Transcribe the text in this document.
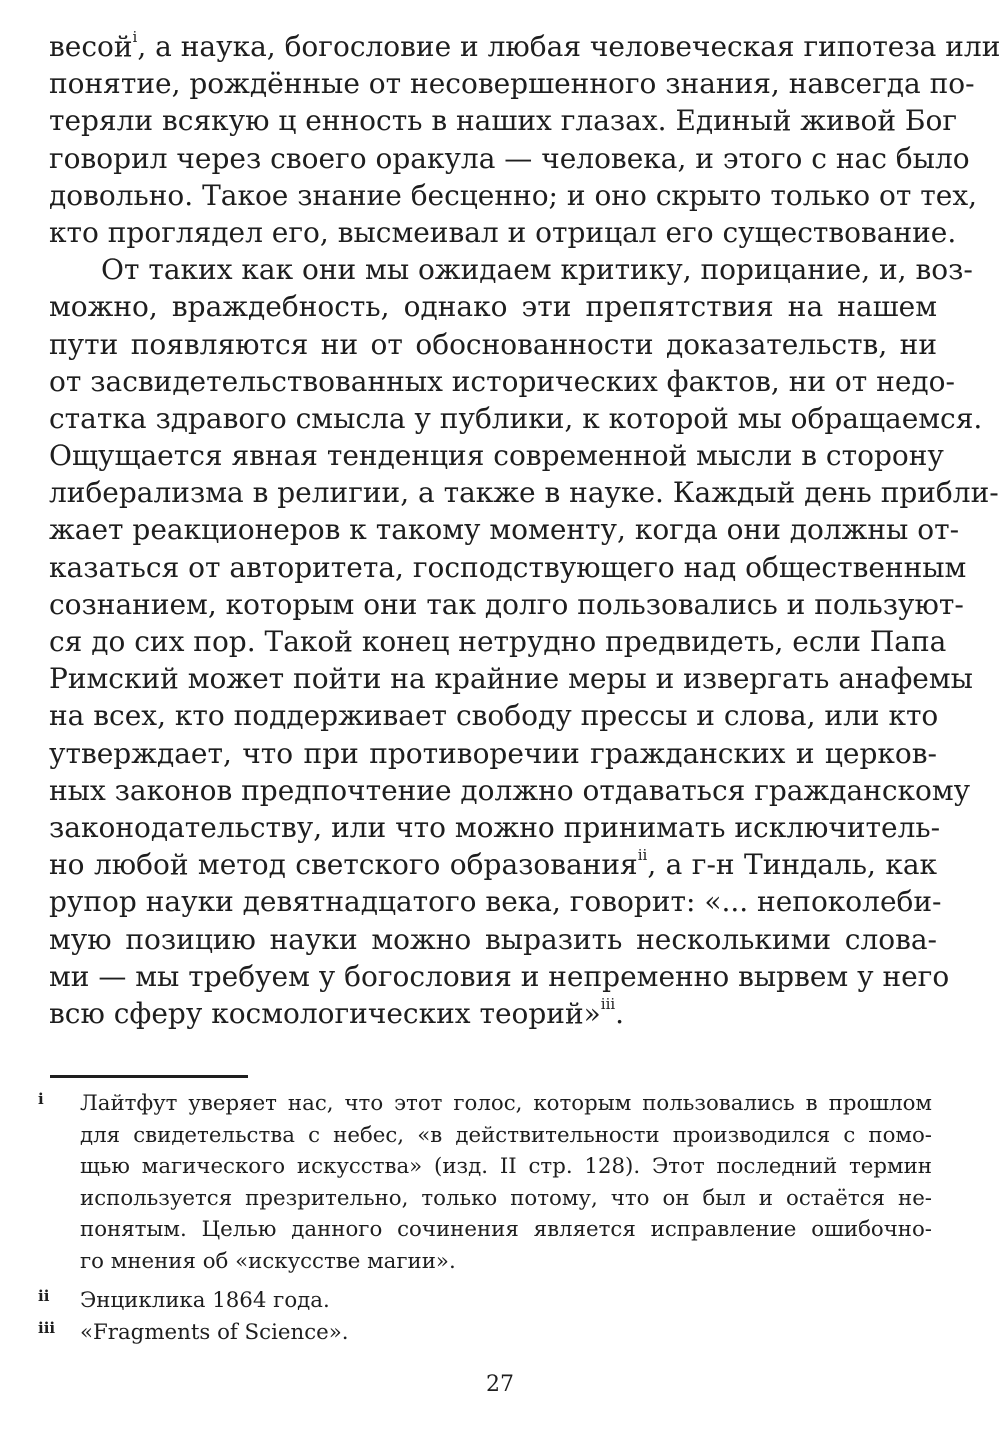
весой$^i$, а наука, богословие и любая человеческая гипотеза или
понятие, рождённые от несовершенного знания, навсегда по-
теряли всякую ц енность в наших глазах. Единый живой Бог
говорил через своего оракула — человека, и этого с нас было
довольно. Такое знание бесценно; и оно скрыто только от тех,
кто проглядел его, высмеивал и отрицал его существование.
От таких как они мы ожидаем критику, порицание, и, воз-
можно, враждебность, однако эти препятствия на нашем
пути появляются ни от обоснованности доказательств, ни
от засвидетельствованных исторических фактов, ни от недо-
статка здравого смысла у публики, к которой мы обращаемся.
Ощущается явная тенденция современной мысли в сторону
либерализма в религии, а также в науке. Каждый день прибли-
жает реакционеров к такому моменту, когда они должны от-
казаться от авторитета, господствующего над общественным
сознанием, которым они так долго пользовались и пользуют-
ся до сих пор. Такой конец нетрудно предвидеть, если Папа
Римский может пойти на крайние меры и извергать анафемы
на всех, кто поддерживает свободу прессы и слова, или кто
утверждает, что при противоречии гражданских и церков-
ных законов предпочтение должно отдаваться гражданскому
законодательству, или что можно принимать исключитель-
но любой метод светского образования$^{ii}$, а г-н Тиндаль, как
рупор науки девятнадцатого века, говорит: «... непоколеби-
мую позицию науки можно выразить несколькими слова-
ми — мы требуем у богословия и непременно вырвем у него
всю сферу космологических теорий»$^{iii}$.
i Лайтфут уверяет нас, что этот голос, которым пользовались в прошлом
для свидетельства с небес, «в действительности производился с помо-
щью магического искусства» (изд. II стр. 128). Этот последний термин
используется презрительно, только потому, что он был и остаётся не-
понятым. Целью данного сочинения является исправление ошибочно-
го мнения об «искусстве магии».
ii Энциклика 1864 года.
iii «Fragments of Science».
27
